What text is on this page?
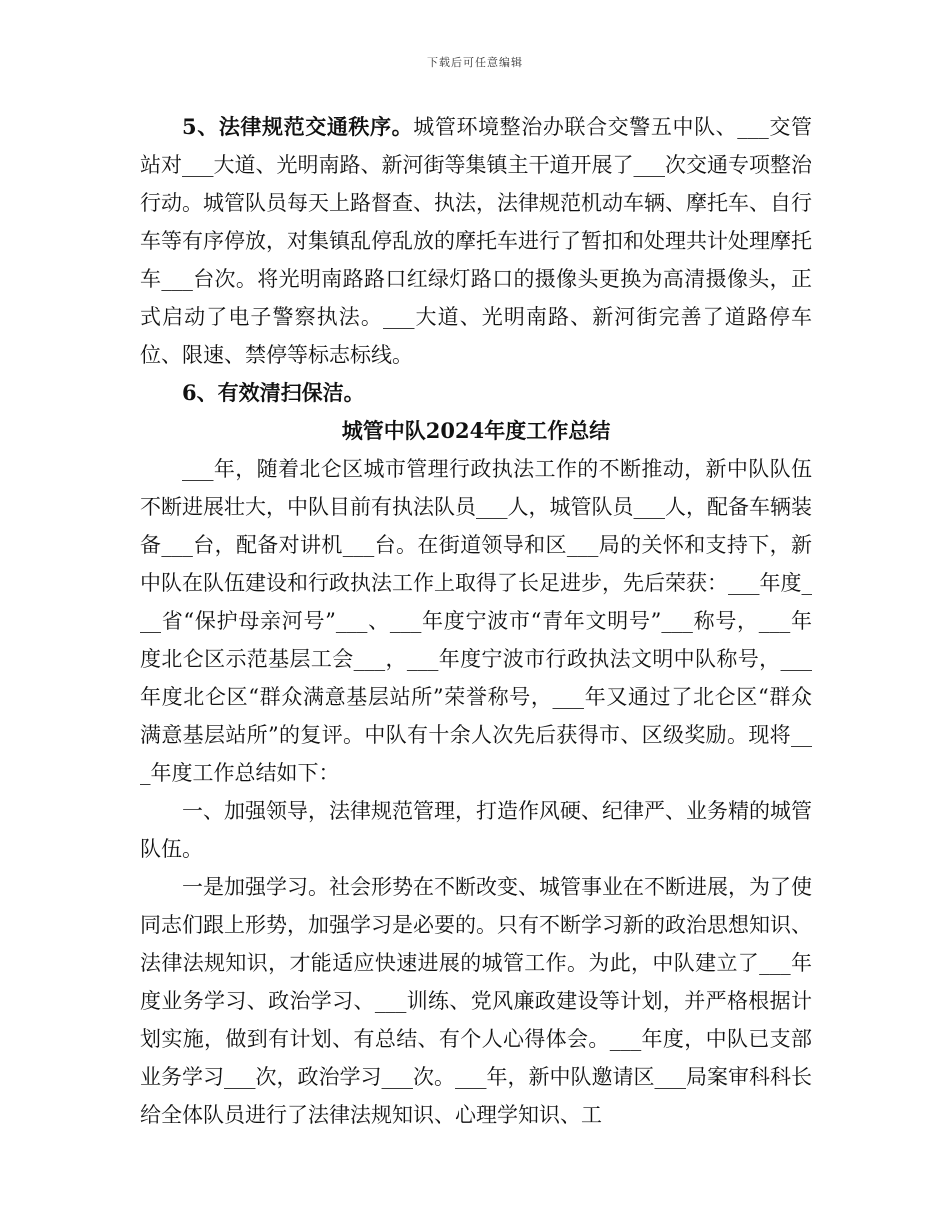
下载后可任意编辑

5、法律规范交通秩序。城管环境整治办联合交警五中队、___交管站对___大道、光明南路、新河街等集镇主干道开展了___次交通专项整治行动。城管队员每天上路督查、执法，法律规范机动车辆、摩托车、自行车等有序停放，对集镇乱停乱放的摩托车进行了暂扣和处理共计处理摩托车___台次。将光明南路路口红绿灯路口的摄像头更换为高清摄像头，正式启动了电子警察执法。___大道、光明南路、新河街完善了道路停车位、限速、禁停等标志标线。

6、有效清扫保洁。

城管中队2024年度工作总结

___年，随着北仑区城市管理行政执法工作的不断推动，新中队队伍不断进展壮大，中队目前有执法队员___人，城管队员___人，配备车辆装备___台，配备对讲机___台。在街道领导和区___局的关怀和支持下，新中队在队伍建设和行政执法工作上取得了长足进步，先后荣获：___年度___省“保护母亲河号”___、___年度宁波市“青年文明号”___称号，___年度北仑区示范基层工会___，___年度宁波市行政执法文明中队称号，___年度北仑区“群众满意基层站所”荣誉称号，___年又通过了北仑区“群众满意基层站所”的复评。中队有十余人次先后获得市、区级奖励。现将___年度工作总结如下：

一、加强领导，法律规范管理，打造作风硬、纪律严、业务精的城管队伍。

一是加强学习。社会形势在不断改变、城管事业在不断进展，为了使同志们跟上形势，加强学习是必要的。只有不断学习新的政治思想知识、法律法规知识，才能适应快速进展的城管工作。为此，中队建立了___年度业务学习、政治学习、___训练、党风廉政建设等计划，并严格根据计划实施，做到有计划、有总结、有个人心得体会。___年度，中队已支部业务学习___次，政治学习___次。___年，新中队邀请区___局案审科科长给全体队员进行了法律法规知识、心理学知识、工
